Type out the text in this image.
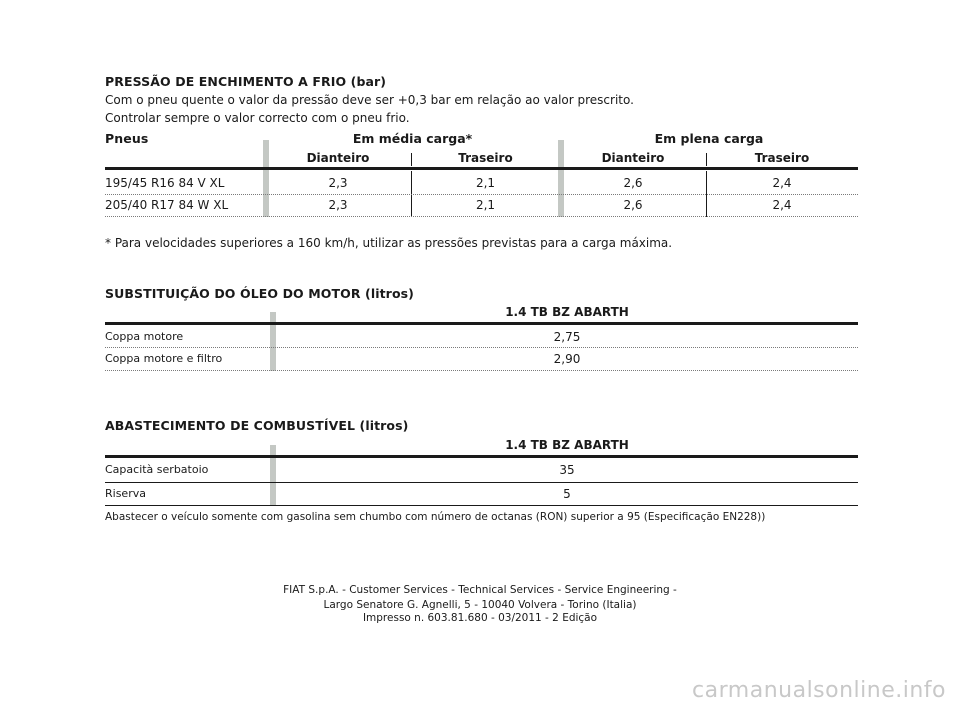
PRESSÃO DE ENCHIMENTO A FRIO (bar)
Com o pneu quente o valor da pressão deve ser +0,3 bar em relação ao valor prescrito.
Controlar sempre o valor correcto com o pneu frio.
Pneus	Em média carga*	Em plena carga
Dianteiro	Traseiro	Dianteiro	Traseiro
195/45 R16 84 V XL	2,3	2,1	2,6	2,4
205/40 R17 84 W XL	2,3	2,1	2,6	2,4
* Para velocidades superiores a 160 km/h, utilizar as pressões previstas para a carga máxima.
SUBSTITUIÇÃO DO ÓLEO DO MOTOR (litros)
1.4 TB BZ ABARTH
Coppa motore	2,75
Coppa motore e filtro	2,90
ABASTECIMENTO DE COMBUSTÍVEL (litros)
1.4 TB BZ ABARTH
Capacità serbatoio	35
Riserva	5
Abastecer o veículo somente com gasolina sem chumbo com número de octanas (RON) superior a 95 (Especificação EN228))
FIAT S.p.A. - Customer Services - Technical Services - Service Engineering -
Largo Senatore G. Agnelli, 5 - 10040 Volvera - Torino (Italia)
Impresso n. 603.81.680 - 03/2011 - 2 Edição
carmanualsonline.info
